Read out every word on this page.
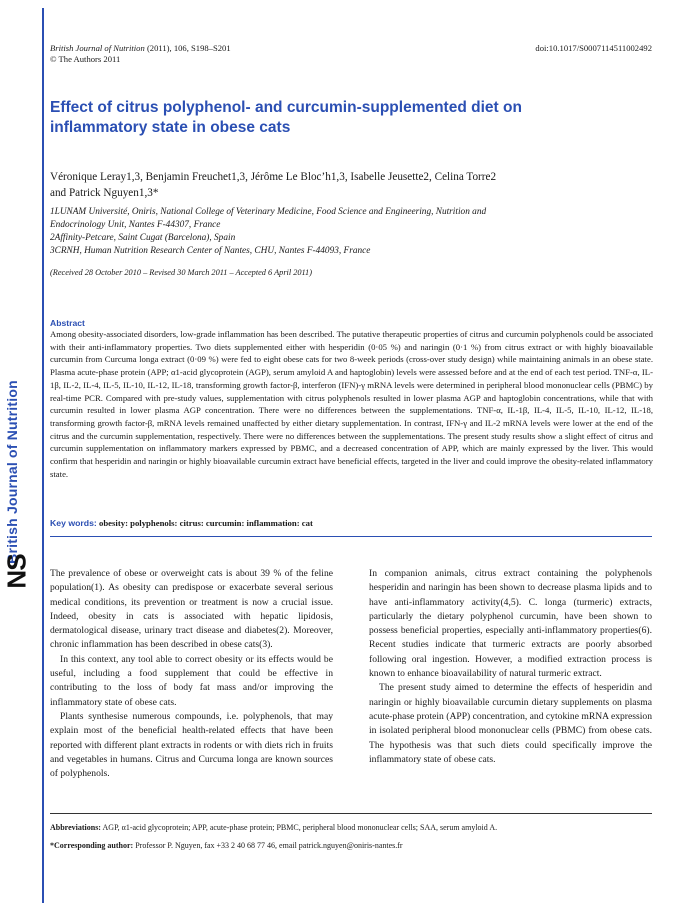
British Journal of Nutrition
NS
British Journal of Nutrition (2011), 106, S198–S201
© The Authors 2011
doi:10.1017/S0007114511002492
Effect of citrus polyphenol- and curcumin-supplemented diet on
inflammatory state in obese cats
Véronique Leray1,3, Benjamin Freuchet1,3, Jérôme Le Bloc’h1,3, Isabelle Jeusette2, Celina Torre2
and Patrick Nguyen1,3*
1LUNAM Université, Oniris, National College of Veterinary Medicine, Food Science and Engineering, Nutrition and
Endocrinology Unit, Nantes F-44307, France
2Affinity-Petcare, Saint Cugat (Barcelona), Spain
3CRNH, Human Nutrition Research Center of Nantes, CHU, Nantes F-44093, France
(Received 28 October 2010 – Revised 30 March 2011 – Accepted 6 April 2011)
Abstract

Among obesity-associated disorders, low-grade inflammation has been described. The putative therapeutic properties of citrus and curcumin polyphenols could be associated with their anti-inflammatory properties. Two diets supplemented either with hesperidin (0·05 %) and naringin (0·1 %) from citrus extract or with highly bioavailable curcumin from Curcuma longa extract (0·09 %) were fed to eight obese cats for two 8-week periods (cross-over study design) while maintaining animals in an obese state. Plasma acute-phase protein (APP; α1-acid glycoprotein (AGP), serum amyloid A and haptoglobin) levels were assessed before and at the end of each test period. TNF-α, IL-1β, IL-2, IL-4, IL-5, IL-10, IL-12, IL-18, transforming growth factor-β, interferon (IFN)-γ mRNA levels were determined in peripheral blood mononuclear cells (PBMC) by real-time PCR. Compared with pre-study values, supplementation with citrus polyphenols resulted in lower plasma AGP and haptoglobin concentrations, while that with curcumin resulted in lower plasma AGP concentration. There were no differences between the supplementations. TNF-α, IL-1β, IL-4, IL-5, IL-10, IL-12, IL-18, transforming growth factor-β, mRNA levels remained unaffected by either dietary supplementation. In contrast, IFN-γ and IL-2 mRNA levels were lower at the end of the citrus and the curcumin supplementation, respectively. There were no differences between the supplementations. The present study results show a slight effect of citrus and curcumin supplementation on inflammatory markers expressed by PBMC, and a decreased concentration of APP, which are mainly expressed by the liver. This would confirm that hesperidin and naringin or highly bioavailable curcumin extract have beneficial effects, targeted in the liver and could improve the obesity-related inflammatory state.

Key words: obesity: polyphenols: citrus: curcumin: inflammation: cat

The prevalence of obese or overweight cats is about 39 % of the feline population(1). As obesity can predispose or exacerbate several serious medical conditions, its prevention or treatment is now a crucial issue. Indeed, obesity in cats is associated with hepatic lipidosis, dermatological disease, urinary tract disease and diabetes(2). Moreover, chronic inflammation has been described in obese cats(3).

In this context, any tool able to correct obesity or its effects would be useful, including a food supplement that could be effective in contributing to the loss of body fat mass and/or improving the inflammatory state of obese cats.

Plants synthesise numerous compounds, i.e. polyphenols, that may explain most of the beneficial health-related effects that have been reported with different plant extracts in rodents or with diets rich in fruits and vegetables in humans. Citrus and Curcuma longa are known sources of polyphenols.

In companion animals, citrus extract containing the polyphenols hesperidin and naringin has been shown to decrease plasma lipids and to have anti-inflammatory activity(4,5). C. longa (turmeric) extracts, particularly the dietary polyphenol curcumin, have been shown to possess beneficial properties, especially anti-inflammatory properties(6). Recent studies indicate that turmeric extracts are poorly absorbed following oral ingestion. However, a modified extraction process is known to enhance bioavailability of natural turmeric extract.

The present study aimed to determine the effects of hesperidin and naringin or highly bioavailable curcumin dietary supplements on plasma acute-phase protein (APP) concentration, and cytokine mRNA expression in isolated peripheral blood mononuclear cells (PBMC) from obese cats. The hypothesis was that such diets could specifically improve the inflammatory state of obese cats.

Abbreviations: AGP, α1-acid glycoprotein; APP, acute-phase protein; PBMC, peripheral blood mononuclear cells; SAA, serum amyloid A.
*Corresponding author: Professor P. Nguyen, fax +33 2 40 68 77 46, email patrick.nguyen@oniris-nantes.fr
